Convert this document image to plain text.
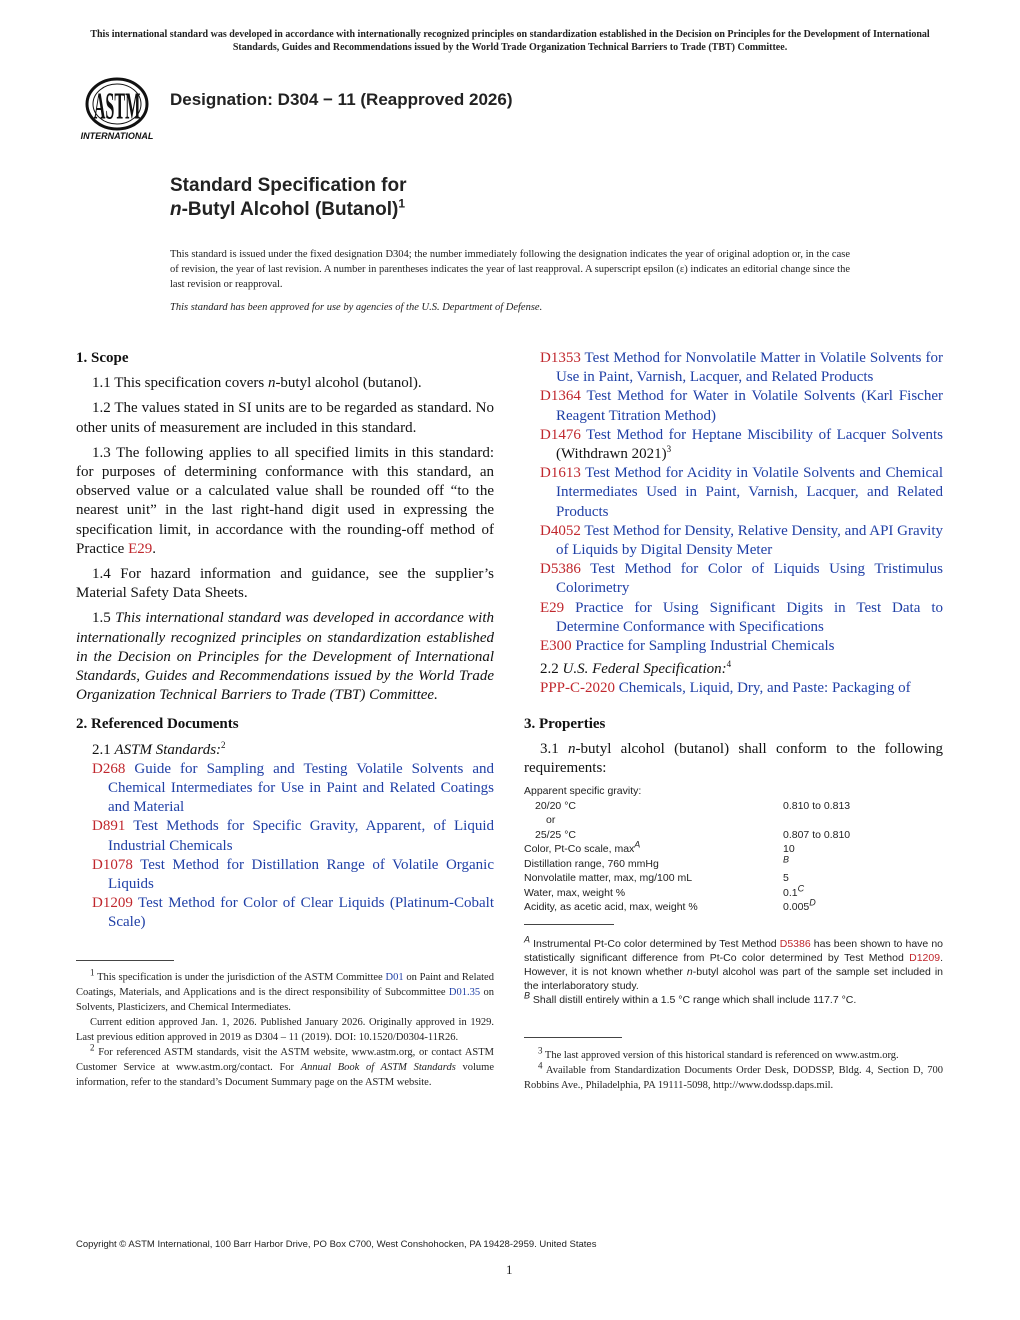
This international standard was developed in accordance with internationally recognized principles on standardization established in the Decision on Principles for the Development of International Standards, Guides and Recommendations issued by the World Trade Organization Technical Barriers to Trade (TBT) Committee.
ASTM
INTERNATIONAL
Designation: D304 − 11 (Reapproved 2026)
Standard Specification for
n-Butyl Alcohol (Butanol)$^1$
This standard is issued under the fixed designation D304; the number immediately following the designation indicates the year of original adoption or, in the case of revision, the year of last revision. A number in parentheses indicates the year of last reapproval. A superscript epsilon (ε) indicates an editorial change since the last revision or reapproval.
This standard has been approved for use by agencies of the U.S. Department of Defense.
1. Scope

1.1 This specification covers n-butyl alcohol (butanol).

1.2 The values stated in SI units are to be regarded as standard. No other units of measurement are included in this standard.

1.3 The following applies to all specified limits in this standard: for purposes of determining conformance with this standard, an observed value or a calculated value shall be rounded off “to the nearest unit” in the last right-hand digit used in expressing the specification limit, in accordance with the rounding-off method of Practice E29.

1.4 For hazard information and guidance, see the supplier’s Material Safety Data Sheets.

1.5 This international standard was developed in accordance with internationally recognized principles on standardization established in the Decision on Principles for the Development of International Standards, Guides and Recommendations issued by the World Trade Organization Technical Barriers to Trade (TBT) Committee.

2. Referenced Documents

2.1 ASTM Standards:$^2$

D268 Guide for Sampling and Testing Volatile Solvents and Chemical Intermediates for Use in Paint and Related Coatings and Material

D891 Test Methods for Specific Gravity, Apparent, of Liquid Industrial Chemicals

D1078 Test Method for Distillation Range of Volatile Organic Liquids

D1209 Test Method for Color of Clear Liquids (Platinum-Cobalt Scale)

$^1$ This specification is under the jurisdiction of the ASTM Committee D01 on Paint and Related Coatings, Materials, and Applications and is the direct responsibility of Subcommittee D01.35 on Solvents, Plasticizers, and Chemical Intermediates.

Current edition approved Jan. 1, 2026. Published January 2026. Originally approved in 1929. Last previous edition approved in 2019 as D304 – 11 (2019). DOI: 10.1520/D0304-11R26.

$^2$ For referenced ASTM standards, visit the ASTM website, www.astm.org, or contact ASTM Customer Service at www.astm.org/contact. For Annual Book of ASTM Standards volume information, refer to the standard’s Document Summary page on the ASTM website.

D1353 Test Method for Nonvolatile Matter in Volatile Solvents for Use in Paint, Varnish, Lacquer, and Related Products

D1364 Test Method for Water in Volatile Solvents (Karl Fischer Reagent Titration Method)

D1476 Test Method for Heptane Miscibility of Lacquer Solvents (Withdrawn 2021)$^3$

D1613 Test Method for Acidity in Volatile Solvents and Chemical Intermediates Used in Paint, Varnish, Lacquer, and Related Products

D4052 Test Method for Density, Relative Density, and API Gravity of Liquids by Digital Density Meter

D5386 Test Method for Color of Liquids Using Tristimulus Colorimetry

E29 Practice for Using Significant Digits in Test Data to Determine Conformance with Specifications

E300 Practice for Sampling Industrial Chemicals

2.2 U.S. Federal Specification:$^4$

PPP-C-2020 Chemicals, Liquid, Dry, and Paste: Packaging of

3. Properties

3.1 n-butyl alcohol (butanol) shall conform to the following requirements:

Apparent specific gravity:	
20/20 °C	0.810 to 0.813
or	
25/25 °C	0.807 to 0.810
Color, Pt-Co scale, $\max^A$	10
Distillation range, 760 mmHg	$^B$
Nonvolatile matter, max, mg/100 mL	5
Water, max, weight %	$0.1^C$
Acidity, as acetic acid, max, weight %	$0.005^D$

$^A$ Instrumental Pt-Co color determined by Test Method D5386 has been shown to have no statistically significant difference from Pt-Co color determined by Test Method D1209. However, it is not known whether n-butyl alcohol was part of the sample set included in the interlaboratory study.

$^B$ Shall distill entirely within a 1.5 °C range which shall include 117.7 °C.

$^3$ The last approved version of this historical standard is referenced on www.astm.org.

$^4$ Available from Standardization Documents Order Desk, DODSSP, Bldg. 4, Section D, 700 Robbins Ave., Philadelphia, PA 19111-5098, http://www.dodssp.daps.mil.

Copyright © ASTM International, 100 Barr Harbor Drive, PO Box C700, West Conshohocken, PA 19428-2959. United States
1
